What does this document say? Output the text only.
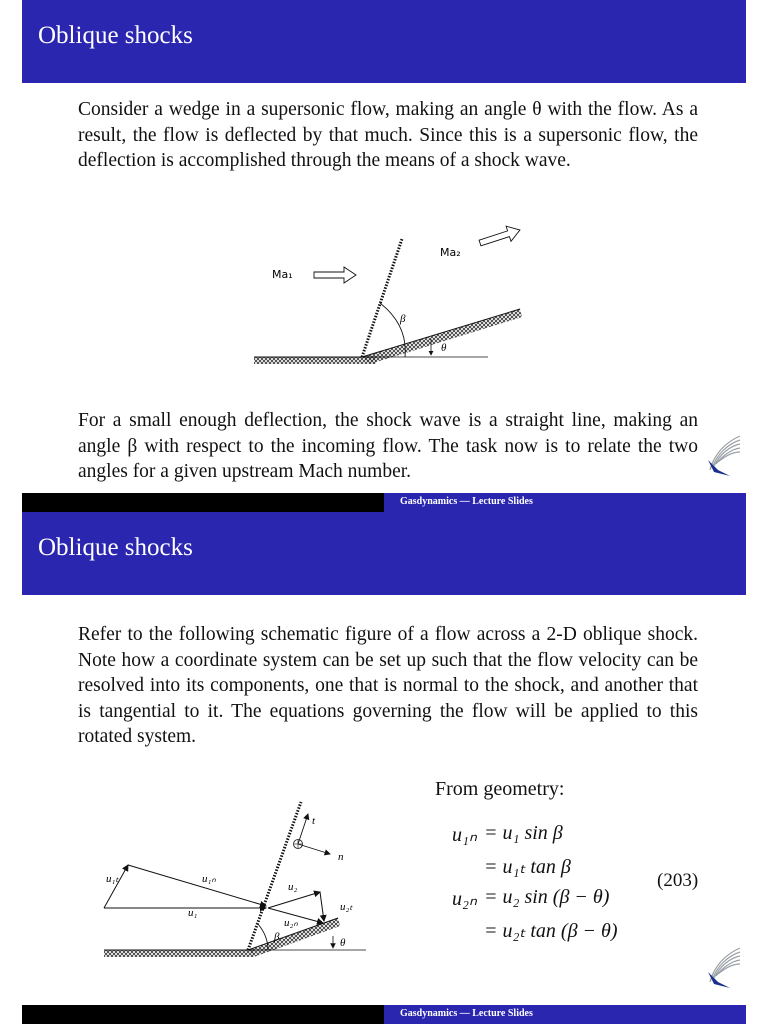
Oblique shocks

Consider a wedge in a supersonic flow, making an angle θ with the flow. As a result, the flow is deflected by that much. Since this is a supersonic flow, the deflection is accomplished through the means of a shock wave.

Ma₁
Ma₂
β
θ

For a small enough deflection, the shock wave is a straight line, making an angle β with respect to the incoming flow. The task now is to relate the two angles for a given upstream Mach number.

Gasdynamics — Lecture Slides
Oblique shocks

Refer to the following schematic figure of a flow across a 2-D oblique shock. Note how a coordinate system can be set up such that the flow velocity can be resolved into its components, one that is normal to the shock, and another that is tangential to it. The equations governing the flow will be applied to this rotated system.

t
n
u₁ₜ	u₁ₙ
u₁
u₂
u₂ₜ
u₂ₙ
β	θ
From geometry:
u₁ₙ = u₁ sin β
= u₁ₜ tan β
u₂ₙ = u₂ sin (β − θ)
= u₂ₜ tan (β − θ)
(203)
Gasdynamics — Lecture Slides
